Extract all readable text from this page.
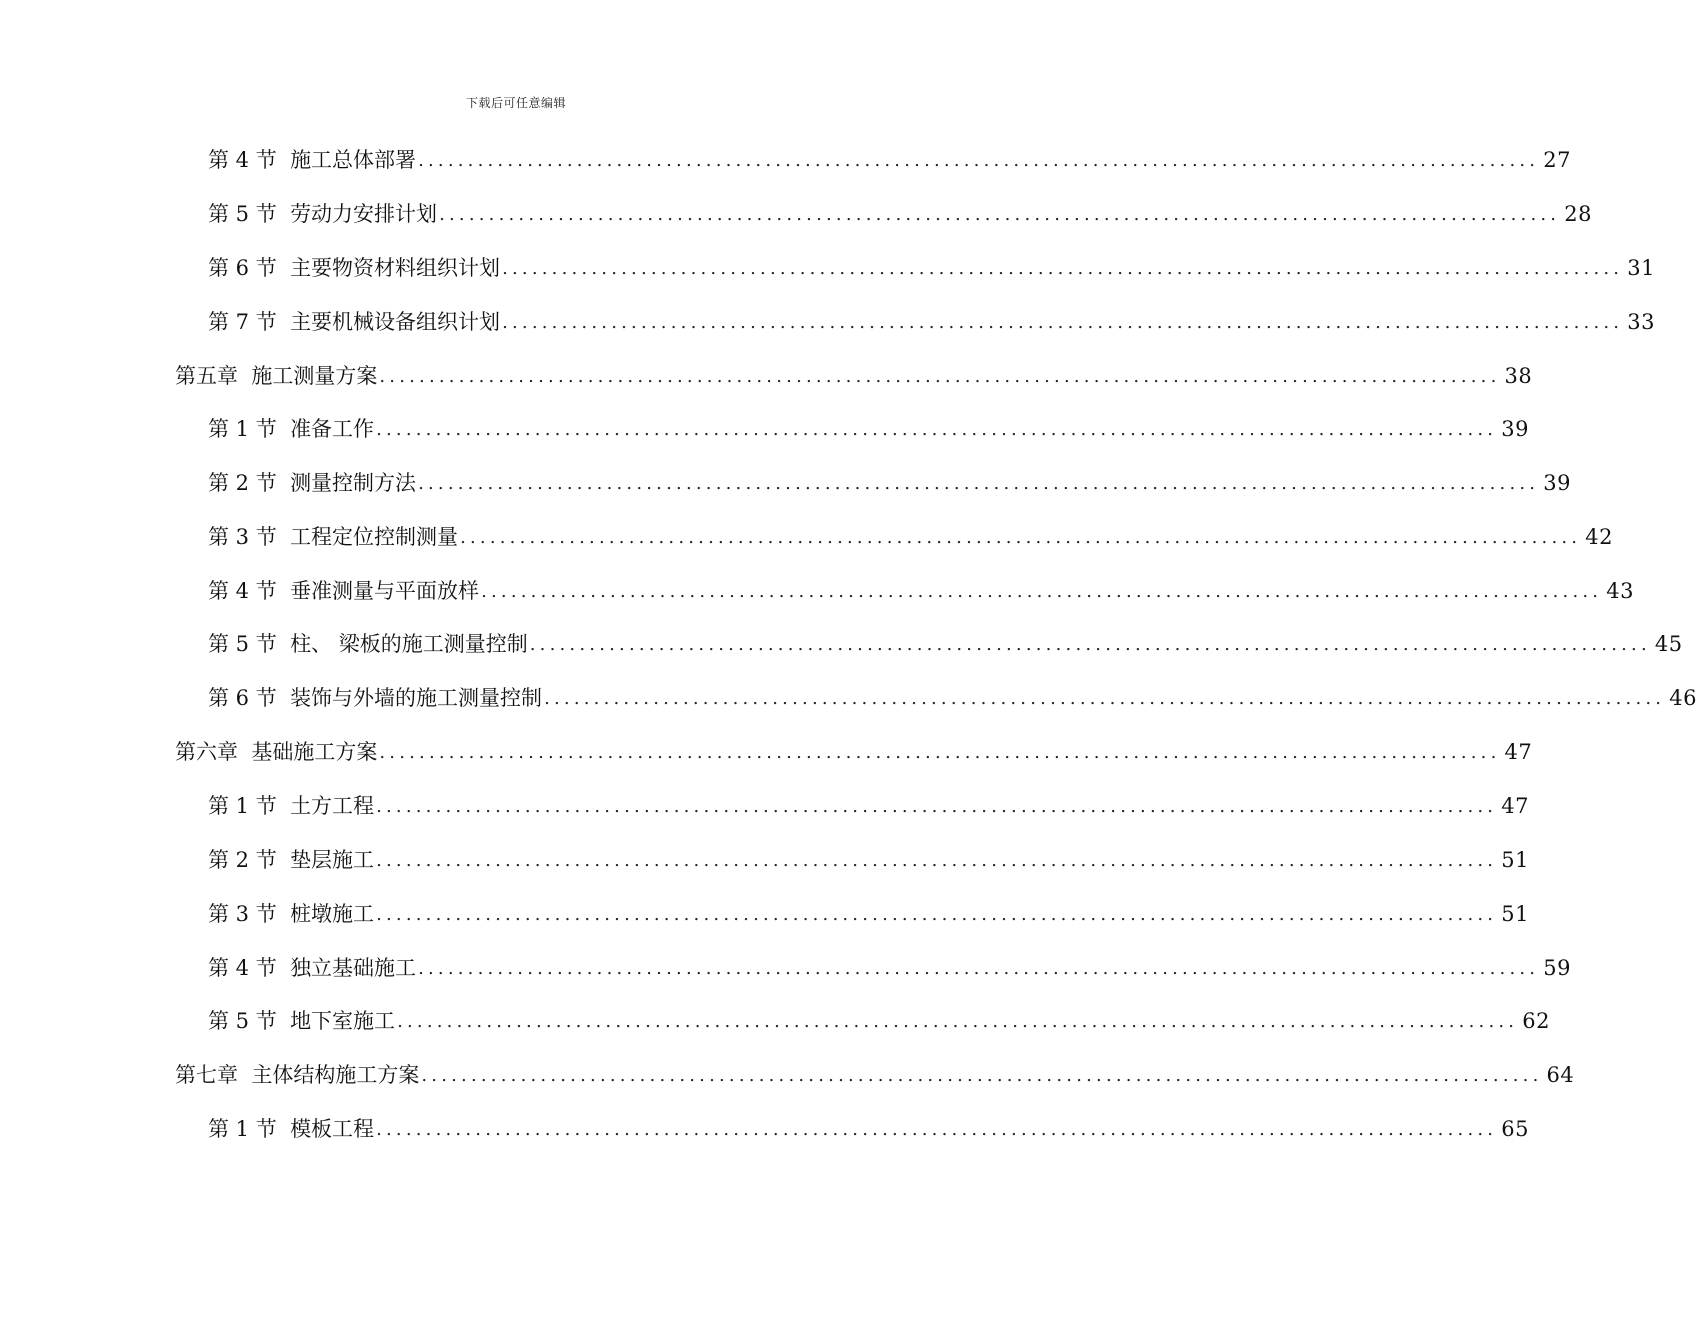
下载后可任意编辑
第 4 节 施工总体部署 ................................................................................................................. 27
第 5 节 劳动力安排计划 ................................................................................................................. 28
第 6 节 主要物资材料组织计划 ................................................................................................................. 31
第 7 节 主要机械设备组织计划 ................................................................................................................. 33
第五章 施工测量方案 ................................................................................................................. 38
第 1 节 准备工作 ................................................................................................................. 39
第 2 节 测量控制方法 ................................................................................................................. 39
第 3 节 工程定位控制测量 ................................................................................................................. 42
第 4 节 垂准测量与平面放样 ................................................................................................................. 43
第 5 节 柱、 梁板的施工测量控制 ................................................................................................................. 45
第 6 节 装饰与外墙的施工测量控制 ................................................................................................................. 46
第六章 基础施工方案 ................................................................................................................. 47
第 1 节 土方工程 ................................................................................................................. 47
第 2 节 垫层施工 ................................................................................................................. 51
第 3 节 桩墩施工 ................................................................................................................. 51
第 4 节 独立基础施工 ................................................................................................................. 59
第 5 节 地下室施工 ................................................................................................................. 62
第七章 主体结构施工方案 ................................................................................................................. 64
第 1 节 模板工程 ................................................................................................................. 65
